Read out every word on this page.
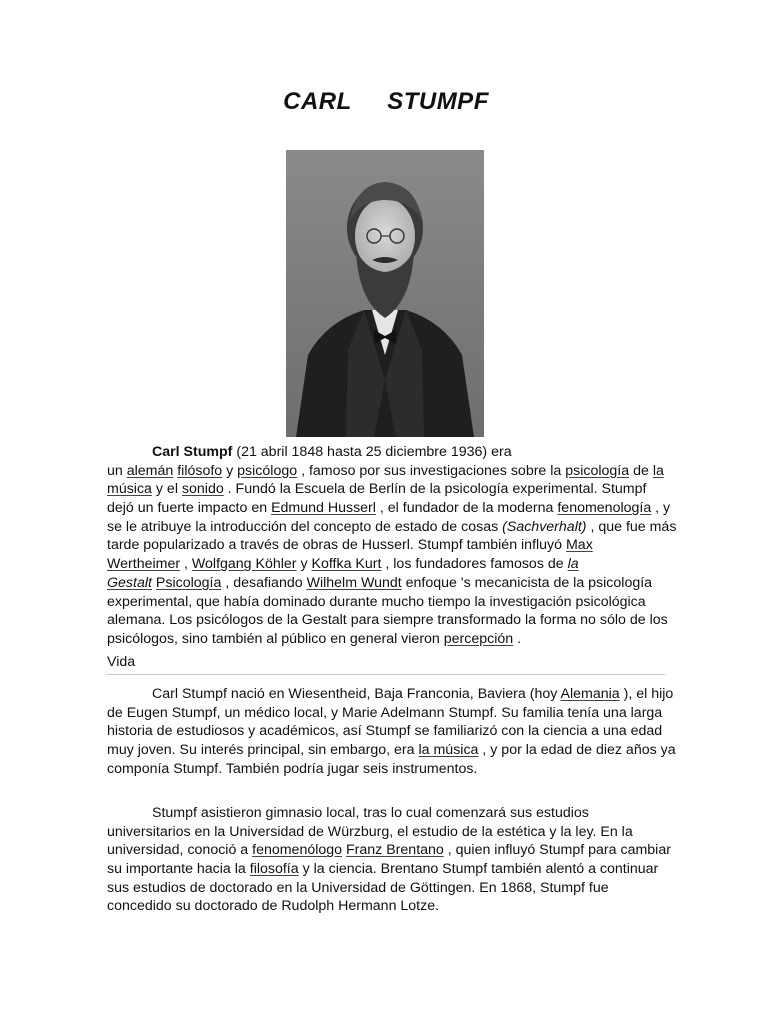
CARL     STUMPF
Carl Stumpf (21 abril 1848 hasta 25 diciembre 1936) era
un alemán filósofo y psicólogo , famoso por sus investigaciones sobre la psicología de la
música y el sonido . Fundó la Escuela de Berlín de la psicología experimental. Stumpf
dejó un fuerte impacto en Edmund Husserl , el fundador de la moderna fenomenología , y
se le atribuye la introducción del concepto de estado de cosas (Sachverhalt) , que fue más
tarde popularizado a través de obras de Husserl. Stumpf también influyó Max
Wertheimer , Wolfgang Köhler y Koffka Kurt , los fundadores famosos de la
Gestalt Psicología , desafiando Wilhelm Wundt enfoque 's mecanicista de la psicología
experimental, que había dominado durante mucho tiempo la investigación psicológica
alemana. Los psicólogos de la Gestalt para siempre transformado la forma no sólo de los
psicólogos, sino también al público en general vieron percepción .
Vida
Carl Stumpf nació en Wiesentheid, Baja Franconia, Baviera (hoy Alemania ), el hijo
de Eugen Stumpf, un médico local, y Marie Adelmann Stumpf. Su familia tenía una larga
historia de estudiosos y académicos, así Stumpf se familiarizó con la ciencia a una edad
muy joven. Su interés principal, sin embargo, era la música , y por la edad de diez años ya
componía Stumpf. También podría jugar seis instrumentos.
Stumpf asistieron gimnasio local, tras lo cual comenzará sus estudios
universitarios en la Universidad de Würzburg, el estudio de la estética y la ley. En la
universidad, conoció a fenomenólogo Franz Brentano , quien influyó Stumpf para cambiar
su importante hacia la filosofía y la ciencia. Brentano Stumpf también alentó a continuar
sus estudios de doctorado en la Universidad de Göttingen. En 1868, Stumpf fue
concedido su doctorado de Rudolph Hermann Lotze.
